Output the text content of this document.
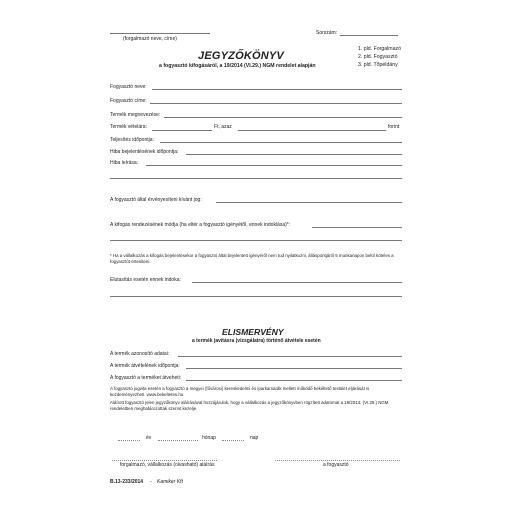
(forgalmazó neve, címe)
Sorszám:
JEGYZŐKÖNYV
a fogyasztó kifogásáról, a 19/2014 (VI.29.) NGM rendelet alapján
1. pld. Forgalmazó
2. pld. Fogyasztó
3. pld. Tőpéldány
Fogyasztó neve:
Fogyasztó címe:
Termék megnevezése:
Termék vételára:	Ft, azaz	forint
Teljesítés időpontja:
Hiba bejelentésének időpontja:
Hiba leírása:
A fogyasztó által érvényesíteni kívánt jog:
A kifogás rendezésének módja (ha eltér a fogyasztó igényétől, ennek indoklása)*:
* Ha a vállalkozás a kifogás bejelentésekor a fogyasztó által bejelentett igényéről nem tud nyilatkozni, álláspontjáról 5 munkanapon belül köteles a fogyasztót értesíteni.
Elutasítás esetén ennek indoka:
ELISMERVÉNY
a termék javításra (vizsgálatra) történő átvétele esetén
A termék azonosító adatai:
A termék átvételének időpontja:
A fogyasztó a terméket átveheti:
A fogyasztó jogvita esetén a fogyasztó a megyei (fővárosi) kereskedelmi és iparkamarák mellett működő békéltető testület eljárását is kezdeményezheti. www.bekeltetes.hu
Aláírott fogyasztó jelen jegyzőkönyv aláírásával hozzájárulok, hogy a vállalkozás a jegyzőkönyvben rögzített adatomat a 19/2014. (VI.29.) NGM rendeletben meghatározottak szerint kezelje.
év	hónap	nap
forgalmazó, vállalkozás (olvasható) aláírás	a fogyasztó
B.13-233/2014 - Kamiker Kft
